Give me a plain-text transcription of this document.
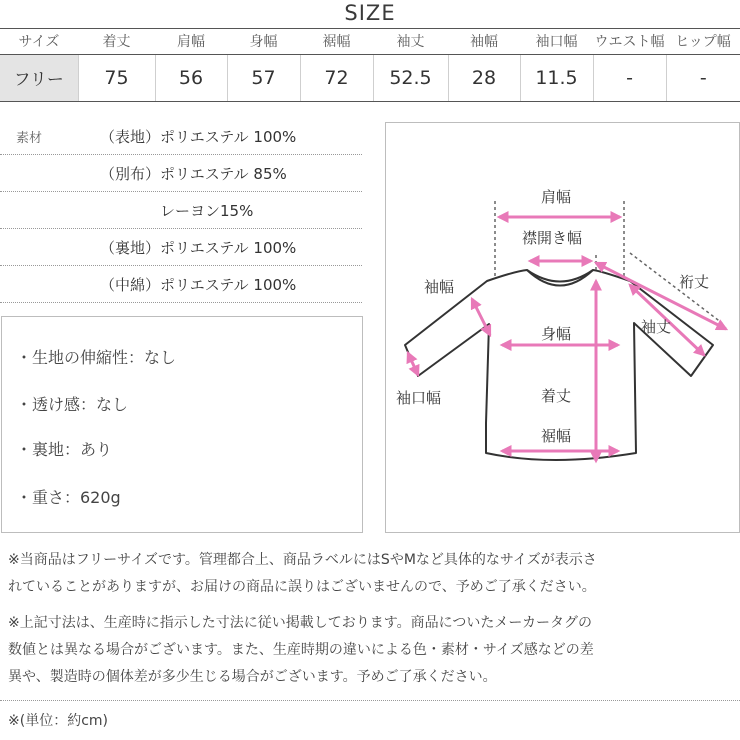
SIZE
サイズ	着丈	肩幅	身幅	裾幅	袖丈	袖幅	袖口幅	ウエスト幅	ヒップ幅
フリー	75	56	57	72	52.5	28	11.5	-	-
素材	（表地）ポリエステル 100%
（別布）ポリエステル 85%
レーヨン15%
（裏地）ポリエステル 100%
（中綿）ポリエステル 100%
・生地の伸縮性：なし
・透け感：なし
・裏地：あり
・重さ：620g
肩幅
襟開き幅
袖幅	裄丈
身幅	袖丈
袖口幅	着丈
裾幅
※当商品はフリーサイズです。管理都合上、商品ラベルにはSやMなど具体的なサイズが表示さ
れていることがありますが、お届けの商品に誤りはございませんので、予めご了承ください。
※上記寸法は、生産時に指示した寸法に従い掲載しております。商品についたメーカータグの
数値とは異なる場合がございます。また、生産時期の違いによる色・素材・サイズ感などの差
異や、製造時の個体差が多少生じる場合がございます。予めご了承ください。
※(単位：約cm)
